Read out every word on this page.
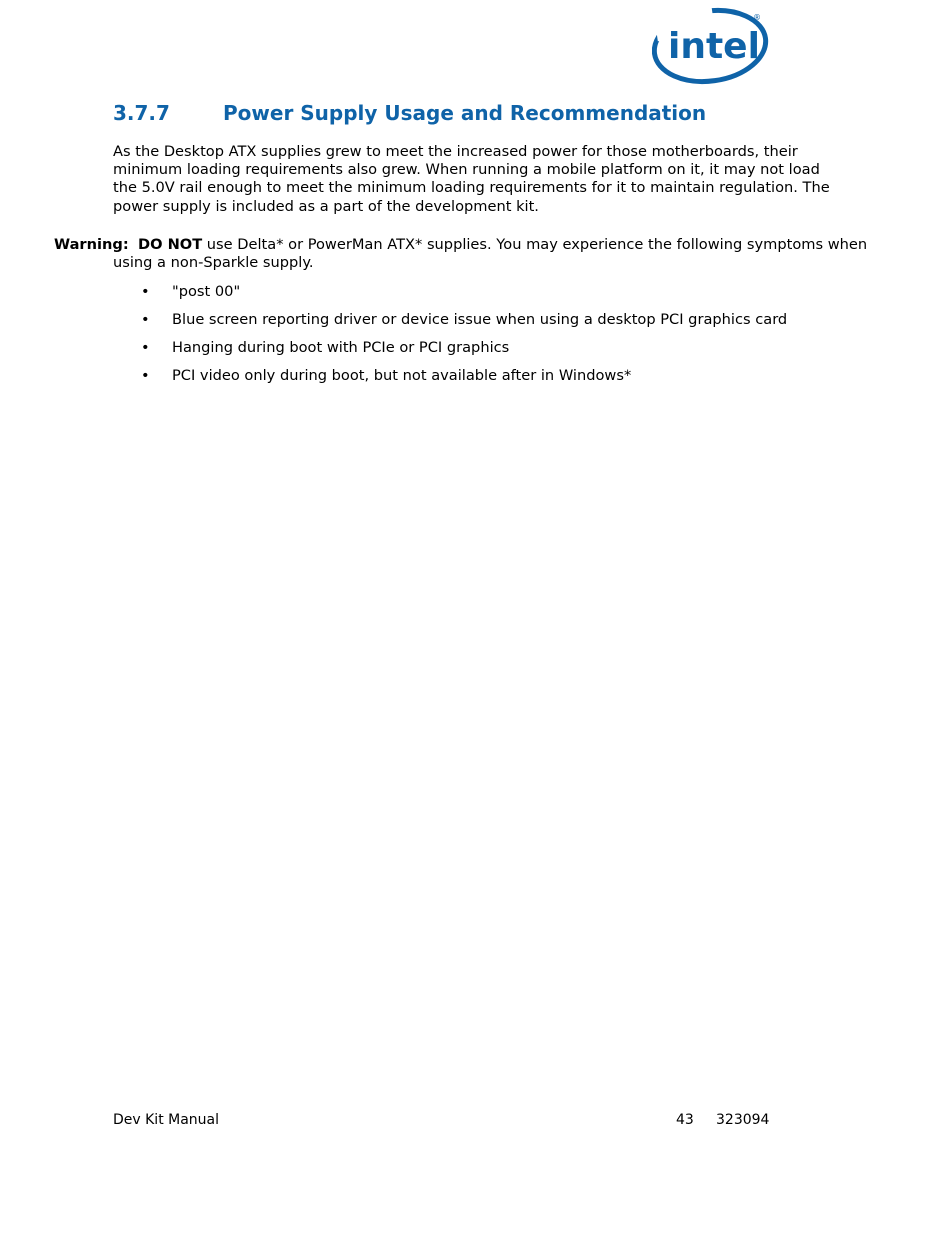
intel
®
3.7.7	Power Supply Usage and Recommendation

As the Desktop ATX supplies grew to meet the increased power for those motherboards, their minimum loading requirements also grew. When running a mobile platform on it, it may not load the 5.0V rail enough to meet the minimum loading requirements for it to maintain regulation. The power supply is included as a part of the development kit.

Warning: DO NOT use Delta* or PowerMan ATX* supplies. You may experience the following symptoms when using a non-Sparkle supply.

• "post 00"
• Blue screen reporting driver or device issue when using a desktop PCI graphics card
• Hanging during boot with PCIe or PCI graphics
• PCI video only during boot, but not available after in Windows*
Dev Kit Manual	43 323094
